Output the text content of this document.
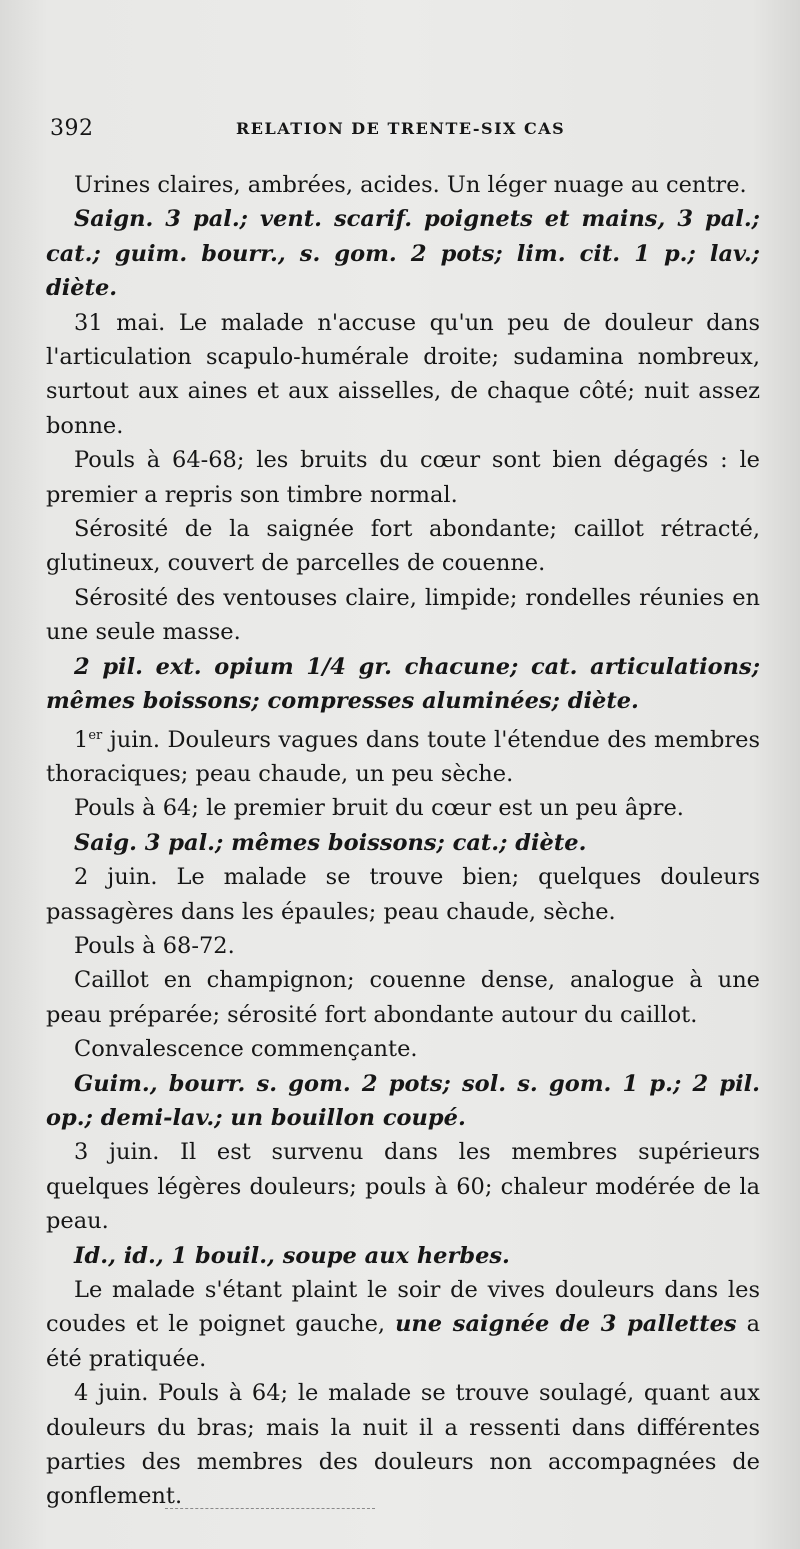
392	RELATION DE TRENTE-SIX CAS

Urines claires, ambrées, acides. Un léger nuage au centre.

Saign. 3 pal.; vent. scarif. poignets et mains, 3 pal.; cat.; guim. bourr., s. gom. 2 pots; lim. cit. 1 p.; lav.; diète.

31 mai. Le malade n'accuse qu'un peu de douleur dans l'articulation scapulo-humérale droite; sudamina nombreux, surtout aux aines et aux aisselles, de chaque côté; nuit assez bonne.

Pouls à 64-68; les bruits du cœur sont bien dégagés : le premier a repris son timbre normal.

Sérosité de la saignée fort abondante; caillot rétracté, glutineux, couvert de parcelles de couenne.

Sérosité des ventouses claire, limpide; rondelles réunies en une seule masse.

2 pil. ext. opium 1/4 gr. chacune; cat. articulations; mêmes boissons; compresses aluminées; diète.

1er juin. Douleurs vagues dans toute l'étendue des membres thoraciques; peau chaude, un peu sèche.

Pouls à 64; le premier bruit du cœur est un peu âpre.

Saig. 3 pal.; mêmes boissons; cat.; diète.

2 juin. Le malade se trouve bien; quelques douleurs passagères dans les épaules; peau chaude, sèche.

Pouls à 68-72.

Caillot en champignon; couenne dense, analogue à une peau préparée; sérosité fort abondante autour du caillot.

Convalescence commençante.

Guim., bourr. s. gom. 2 pots; sol. s. gom. 1 p.; 2 pil. op.; demi-lav.; un bouillon coupé.

3 juin. Il est survenu dans les membres supérieurs quelques légères douleurs; pouls à 60; chaleur modérée de la peau.

Id., id., 1 bouil., soupe aux herbes.

Le malade s'étant plaint le soir de vives douleurs dans les coudes et le poignet gauche, une saignée de 3 pallettes a été pratiquée.

4 juin. Pouls à 64; le malade se trouve soulagé, quant aux douleurs du bras; mais la nuit il a ressenti dans différentes parties des membres des douleurs non accompagnées de gonflement.
